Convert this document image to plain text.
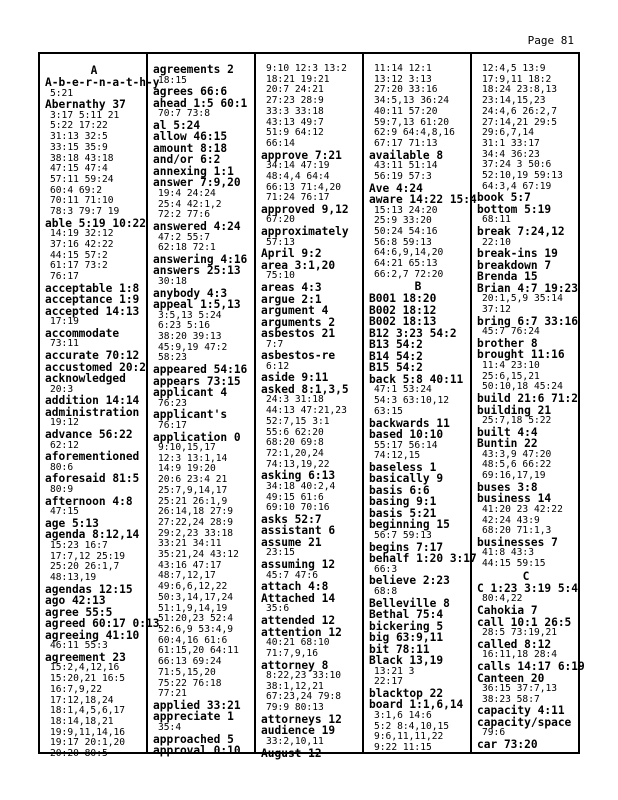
Page 81
A
A-b-e-r-n-a-t-h-y
5:21
Abernathy 37
3:17 5:11 21
5:22 17:22
31:13 32:5
33:15 35:9
38:18 43:18
47:15 47:4
57:11 59:24
60:4 69:2
70:11 71:10
78:3 79:7 19
able 5:19 10:22
14:19 32:12
37:16 42:22
44:15 57:2
61:17 73:2
76:17
acceptable 1:8
acceptance 1:9
accepted 14:13
17:19
accommodate
73:11
accurate 70:12
accustomed 20:2
acknowledged
20:3
addition 14:14
administration
19:12
advance 56:22
62:12
aforementioned
80:6
aforesaid 81:5
80:9
afternoon 4:8
47:15
age 5:13
agenda 8:12,14
15:23 16:7
17:7,12 25:19
25:20 26:1,7
48:13,19
agendas 12:15
ago 42:13
agree 55:5
agreed 60:17 0:13
agreeing 41:10
46:11 55:3
agreement 23
15:2,4,12,16
15:20,21 16:5
16:7,9,22
17:12,18,24
18:1,4,5,6,17
18:14,18,21
19:9,11,14,16
19:17 20:1,20
20:20 80:5
agreements 2
18:15
agrees 66:6
ahead 1:5 60:1
70:7 73:8
al 5:24
allow 46:15
amount 8:18
and/or 6:2
annexing 1:1
answer 7:9,20
19:4 24:24
25:4 42:1,2
72:2 77:6
answered 4:24
47:2 55:7
62:18 72:1
answering 4:16
answers 25:13
30:18
anybody 4:3
appeal 1:5,13
3:5,13 5:24
6:23 5:16
38:20 39:13
45:9,19 47:2
58:23
appeared 54:16
appears 73:15
applicant 4
76:23
applicant's
76:17
application 0
9:10,15,17
12:3 13:1,14
14:9 19:20
20:6 23:4 21
25:7,9,14,17
25:21 26:1,9
26:14,18 27:9
27:22,24 28:9
29:2,23 33:18
33:21 34:11
35:21,24 43:12
43:16 47:17
48:7,12,17
49:6,6,12,22
50:3,14,17,24
51:1,9,14,19
51:20,23 52:4
52:6,9 53:4,9
60:4,16 61:6
61:15,20 64:11
66:13 69:24
71:5,15,20
75:22 76:18
77:21
applied 33:21
appreciate 1
35:4
approached 5
approval 0:10
9:10 12:3 13:2
18:21 19:21
20:7 24:21
27:23 28:9
33:3 33:18
43:13 49:7
51:9 64:12
66:14
approve 7:21
34:14 47:19
48:4,4 64:4
66:13 71:4,20
71:24 76:17
approved 9,12
67:20
approximately
57:13
April 9:2
area 3:1,20
75:10
areas 4:3
argue 2:1
argument 4
arguments 2
asbestos 21
7:7
asbestos-re
6:12
aside 9:11
asked 8:1,3,5
24:3 31:18
44:13 47:21,23
52:7,15 3:1
55:6 62:20
68:20 69:8
72:1,20,24
74:13,19,22
asking 6:13
34:18 40:2,4
49:15 61:6
69:10 70:16
asks 52:7
assistant 6
assume 21
23:15
assuming 12
45:7 47:6
attach 4:8
Attached 14
35:6
attended 12
attention 12
40:21 68:10
71:7,9,16
attorney 8
8:22,23 33:10
38:1,12,21
67:23,24 79:8
79:9 80:13
attorneys 12
audience 19
33:2,10,11
August 12
11:14 12:1
13:12 3:13
27:20 33:16
34:5,13 36:24
40:11 57:20
59:7,13 61:20
62:9 64:4,8,16
67:17 71:13
available 8
43:11 51:14
56:19 57:3
Ave 4:24
aware 14:22 15:4
15:13 24:20
25:9 33:20
50:24 54:16
56:8 59:13
64:6,9,14,20
64:21 65:13
66:2,7 72:20
B
B001 18:20
B002 18:12
B002 18:13
B12 3:23 54:2
B13 54:2
B14 54:2
B15 54:2
back 5:8 40:11
47:1 53:24
54:3 63:10,12
63:15
backwards 11
based 10:10
55:17 56:14
74:12,15
baseless 1
basically 9
basis 6:6
basing 9:1
basis 5:21
beginning 15
56:7 59:13
begins 7:17
behalf 1:20 3:17
66:3
believe 2:23
68:8
Belleville 8
Bethal 75:4
bickering 5
big 63:9,11
bit 78:11
Black 13,19
13:21 3
22:17
blacktop 22
board 1:1,6,14
3:1,6 14:6
5:2 8:4,10,15
9:6,11,11,22
9:22 11:15
12:4,5 13:9
17:9,11 18:2
18:24 23:8,13
23:14,15,23
24:4,6 26:2,7
27:14,21 29:5
29:6,7,14
31:1 33:17
34:4 36:23
37:24 3 50:6
52:10,19 59:13
64:3,4 67:19
book 5:7
bottom 5:19
68:11
break 7:24,12
22:10
break-ins 19
breakdown 7
Brenda 15
Brian 4:7 19:23
20:1,5,9 35:14
37:12
bring 6:7 33:16
45:7 76:24
brother 8
brought 11:16
11:4 23:10
25:6,15,21
50:10,18 45:24
build 21:6 71:2
building 21
25:7,18 5:22
built 4:4
Buntin 22
43:3,9 47:20
48:5,6 66:22
69:16,17,19
buses 3:8
business 14
41:20 23 42:22
42:24 43:9
68:20 71:1,3
businesses 7
41:8 43:3
44:15 59:15
C
C 1:23 3:19 5:4
80:4,22
Cahokia 7
call 10:1 26:5
28:5 73:19,21
called 8:12
16:11,18 28:4
calls 14:17 6:19
Canteen 20
36:15 37:7,13
38:23 58:7
capacity 4:11
capacity/space
79:6
car 73:20
